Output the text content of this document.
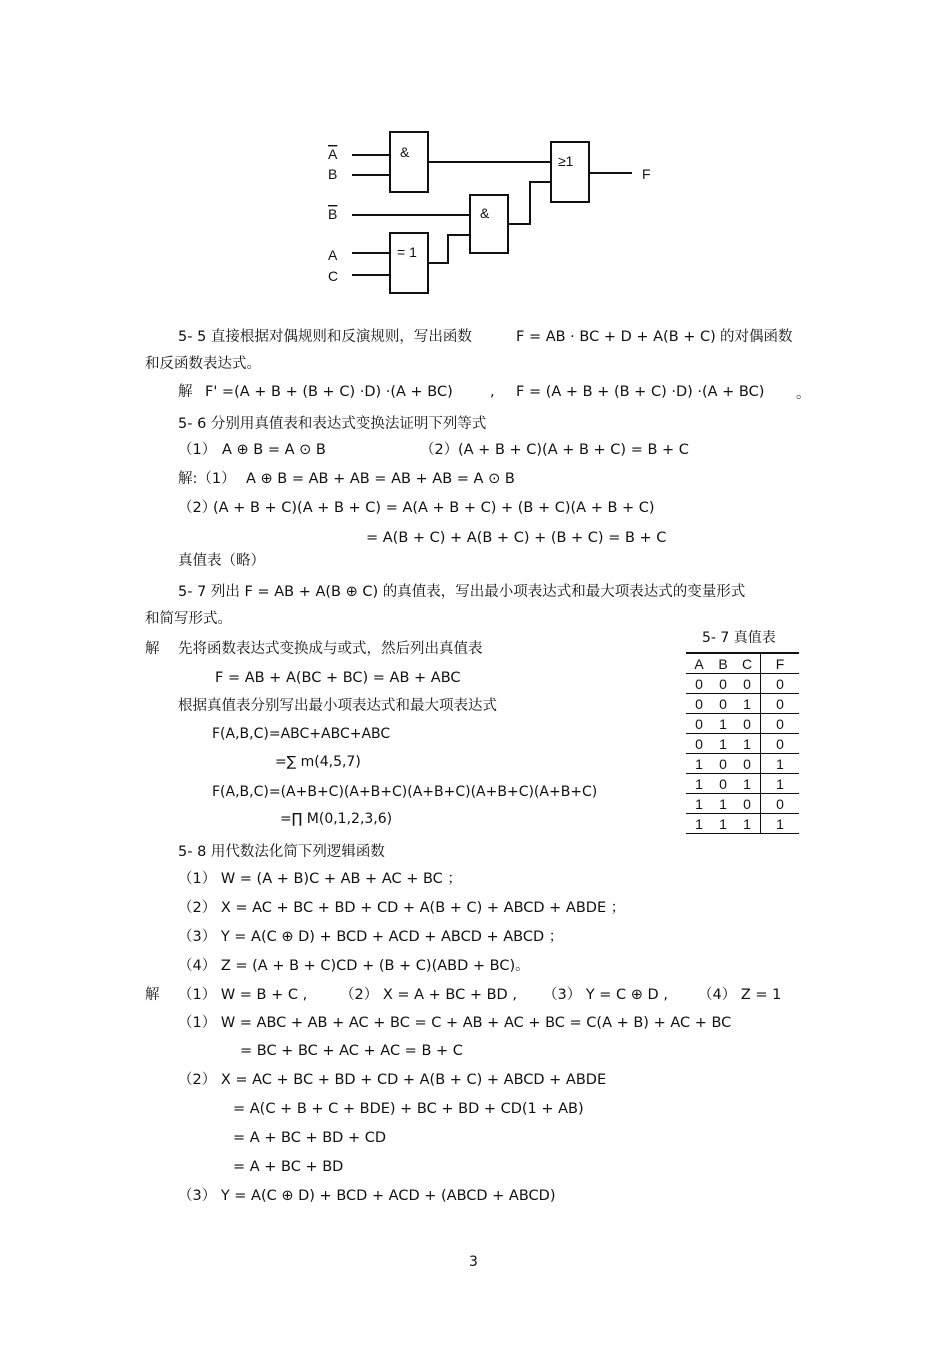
A
B
B
A
C
&
&
= 1
≥1
F
5- 5 直接根据对偶规则和反演规则，写出函数	F = AB · BC + D + A(B + C) 的对偶函数
和反函数表达式。
解 F' =(A + B + (B + C) ·D) ·(A + BC)	, F = (A + B + (B + C) ·D) ·(A + BC) 。
5- 6 分别用真值表和表达式变换法证明下列等式
（1） A ⊕ B = A ⊙ B	（2） (A + B + C)(A + B + C) = B + C
解:（1） A ⊕ B = AB + AB = AB + AB = A ⊙ B
（2）
(A + B + C)(A + B + C) = A(A + B + C) + (B + C)(A + B + C)
= A(B + C) + A(B + C) + (B + C) = B + C
真值表（略）
5- 7 列出 F = AB + A(B ⊕ C) 的真值表，写出最小项表达式和最大项表达式的变量形式
和简写形式。
解 先将函数表达式变换成与或式，然后列出真值表
F = AB + A(BC + BC) = AB + ABC
根据真值表分别写出最小项表达式和最大项表达式
F(A,B,C)=ABC+ABC+ABC
=∑ m(4,5,7)
F(A,B,C)=(A+B+C)(A+B+C)(A+B+C)(A+B+C)(A+B+C)
=∏ M(0,1,2,3,6)
5- 7 真值表
A	B	C	F
0	0	0	0
0	0	1	0
0	1	0	0
0	1	1	0
1	0	0	1
1	0	1	1
1	1	0	0
1	1	1	1
5- 8 用代数法化简下列逻辑函数
（1） W = (A + B)C + AB + AC + BC ；
（2） X = AC + BC + BD + CD + A(B + C) + ABCD + ABDE ；
（3） Y = A(C ⊕ D) + BCD + ACD + ABCD + ABCD ；
（4） Z = (A + B + C)CD + (B + C)(ABD + BC)。
解 （1） W = B + C , （2） X = A + BC + BD , （3） Y = C ⊕ D , （4） Z = 1
（1） W = ABC + AB + AC + BC = C + AB + AC + BC = C(A + B) + AC + BC
= BC + BC + AC + AC = B + C
（2） X = AC + BC + BD + CD + A(B + C) + ABCD + ABDE
= A(C + B + C + BDE) + BC + BD + CD(1 + AB)
= A + BC + BD + CD
= A + BC + BD
（3） Y = A(C ⊕ D) + BCD + ACD + (ABCD + ABCD)
3
